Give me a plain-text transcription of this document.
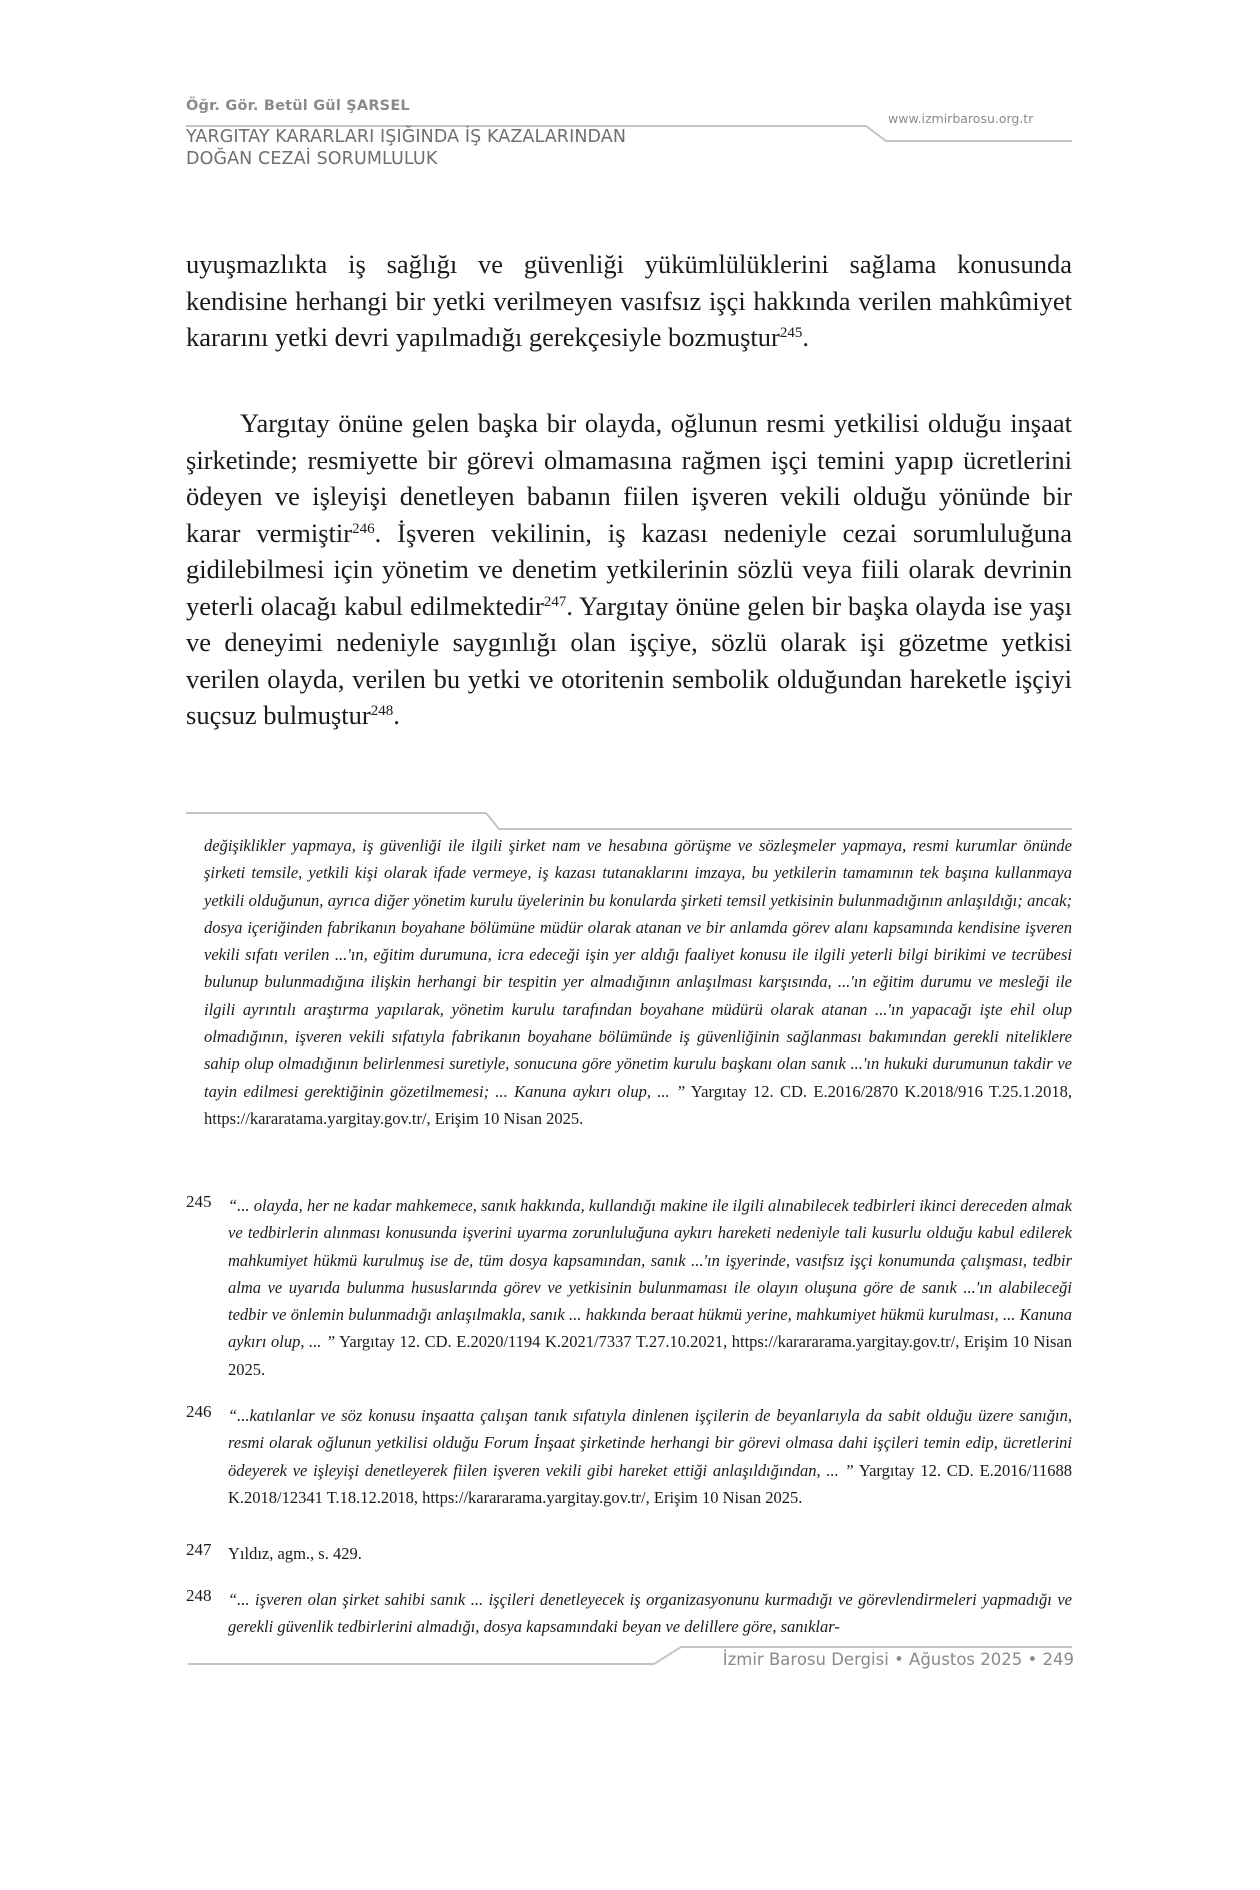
Öğr. Gör. Betül Gül ŞARSEL
YARGITAY KARARLARI IŞIĞINDA İŞ KAZALARINDAN
DOĞAN CEZAİ SORUMLULUK
www.izmirbarosu.org.tr
uyuşmazlıkta iş sağlığı ve güvenliği yükümlülüklerini sağlama konusunda kendisine herhangi bir yetki verilmeyen vasıfsız işçi hakkında verilen mahkûmiyet kararını yetki devri yapılmadığı gerekçesiyle bozmuştur$^{245}$.
Yargıtay önüne gelen başka bir olayda, oğlunun resmi yetkilisi olduğu inşaat şirketinde; resmiyette bir görevi olmamasına rağmen işçi temini yapıp ücretlerini ödeyen ve işleyişi denetleyen babanın fiilen işveren vekili olduğu yönünde bir karar vermiştir$^{246}$. İşveren vekilinin, iş kazası nedeniyle cezai sorumluluğuna gidilebilmesi için yönetim ve denetim yetkilerinin sözlü veya fiili olarak devrinin yeterli olacağı kabul edilmektedir$^{247}$. Yargıtay önüne gelen bir başka olayda ise yaşı ve deneyimi nedeniyle saygınlığı olan işçiye, sözlü olarak işi gözetme yetkisi verilen olayda, verilen bu yetki ve otoritenin sembolik olduğundan hareketle işçiyi suçsuz bulmuştur$^{248}$.
değişiklikler yapmaya, iş güvenliği ile ilgili şirket nam ve hesabına görüşme ve sözleşmeler yapmaya, resmi kurumlar önünde şirketi temsile, yetkili kişi olarak ifade vermeye, iş kazası tutanaklarını imzaya, bu yetkilerin tamamının tek başına kullanmaya yetkili olduğunun, ayrıca diğer yönetim kurulu üyelerinin bu konularda şirketi temsil yetkisinin bulunmadığının anlaşıldığı; ancak; dosya içeriğinden fabrikanın boyahane bölümüne müdür olarak atanan ve bir anlamda görev alanı kapsamında kendisine işveren vekili sıfatı verilen ...'ın, eğitim durumuna, icra edeceği işin yer aldığı faaliyet konusu ile ilgili yeterli bilgi birikimi ve tecrübesi bulunup bulunmadığına ilişkin herhangi bir tespitin yer almadığının anlaşılması karşısında, ...'ın eğitim durumu ve mesleği ile ilgili ayrıntılı araştırma yapılarak, yönetim kurulu tarafından boyahane müdürü olarak atanan ...'ın yapacağı işte ehil olup olmadığının, işveren vekili sıfatıyla fabrikanın boyahane bölümünde iş güvenliğinin sağlanması bakımından gerekli niteliklere sahip olup olmadığının belirlenmesi suretiyle, sonucuna göre yönetim kurulu başkanı olan sanık ...'ın hukuki durumunun takdir ve tayin edilmesi gerektiğinin gözetilmemesi; ... Kanuna aykırı olup, ... ” Yargıtay 12. CD. E.2016/2870 K.2018/916 T.25.1.2018, https://kararatama.yargitay.gov.tr/, Erişim 10 Nisan 2025.
245 “... olayda, her ne kadar mahkemece, sanık hakkında, kullandığı makine ile ilgili alınabilecek tedbirleri ikinci dereceden almak ve tedbirlerin alınması konusunda işverini uyarma zorunluluğuna aykırı hareketi nedeniyle tali kusurlu olduğu kabul edilerek mahkumiyet hükmü kurulmuş ise de, tüm dosya kapsamından, sanık ...'ın işyerinde, vasıfsız işçi konumunda çalışması, tedbir alma ve uyarıda bulunma hususlarında görev ve yetkisinin bulunmaması ile olayın oluşuna göre de sanık ...'ın alabileceği tedbir ve önlemin bulunmadığı anlaşılmakla, sanık ... hakkında beraat hükmü yerine, mahkumiyet hükmü kurulması, ... Kanuna aykırı olup, ... ” Yargıtay 12. CD. E.2020/1194 K.2021/7337 T.27.10.2021, https://karararama.yargitay.gov.tr/, Erişim 10 Nisan 2025.
246 “...katılanlar ve söz konusu inşaatta çalışan tanık sıfatıyla dinlenen işçilerin de beyanlarıyla da sabit olduğu üzere sanığın, resmi olarak oğlunun yetkilisi olduğu Forum İnşaat şirketinde herhangi bir görevi olmasa dahi işçileri temin edip, ücretlerini ödeyerek ve işleyişi denetleyerek fiilen işveren vekili gibi hareket ettiği anlaşıldığından, ... ” Yargıtay 12. CD. E.2016/11688 K.2018/12341 T.18.12.2018, https://karararama.yargitay.gov.tr/, Erişim 10 Nisan 2025.
247 Yıldız, agm., s. 429.
248 “... işveren olan şirket sahibi sanık ... işçileri denetleyecek iş organizasyonunu kurmadığı ve görevlendirmeleri yapmadığı ve gerekli güvenlik tedbirlerini almadığı, dosya kapsamındaki beyan ve delillere göre, sanıklar-
İzmir Barosu Dergisi • Ağustos 2025 • 249
